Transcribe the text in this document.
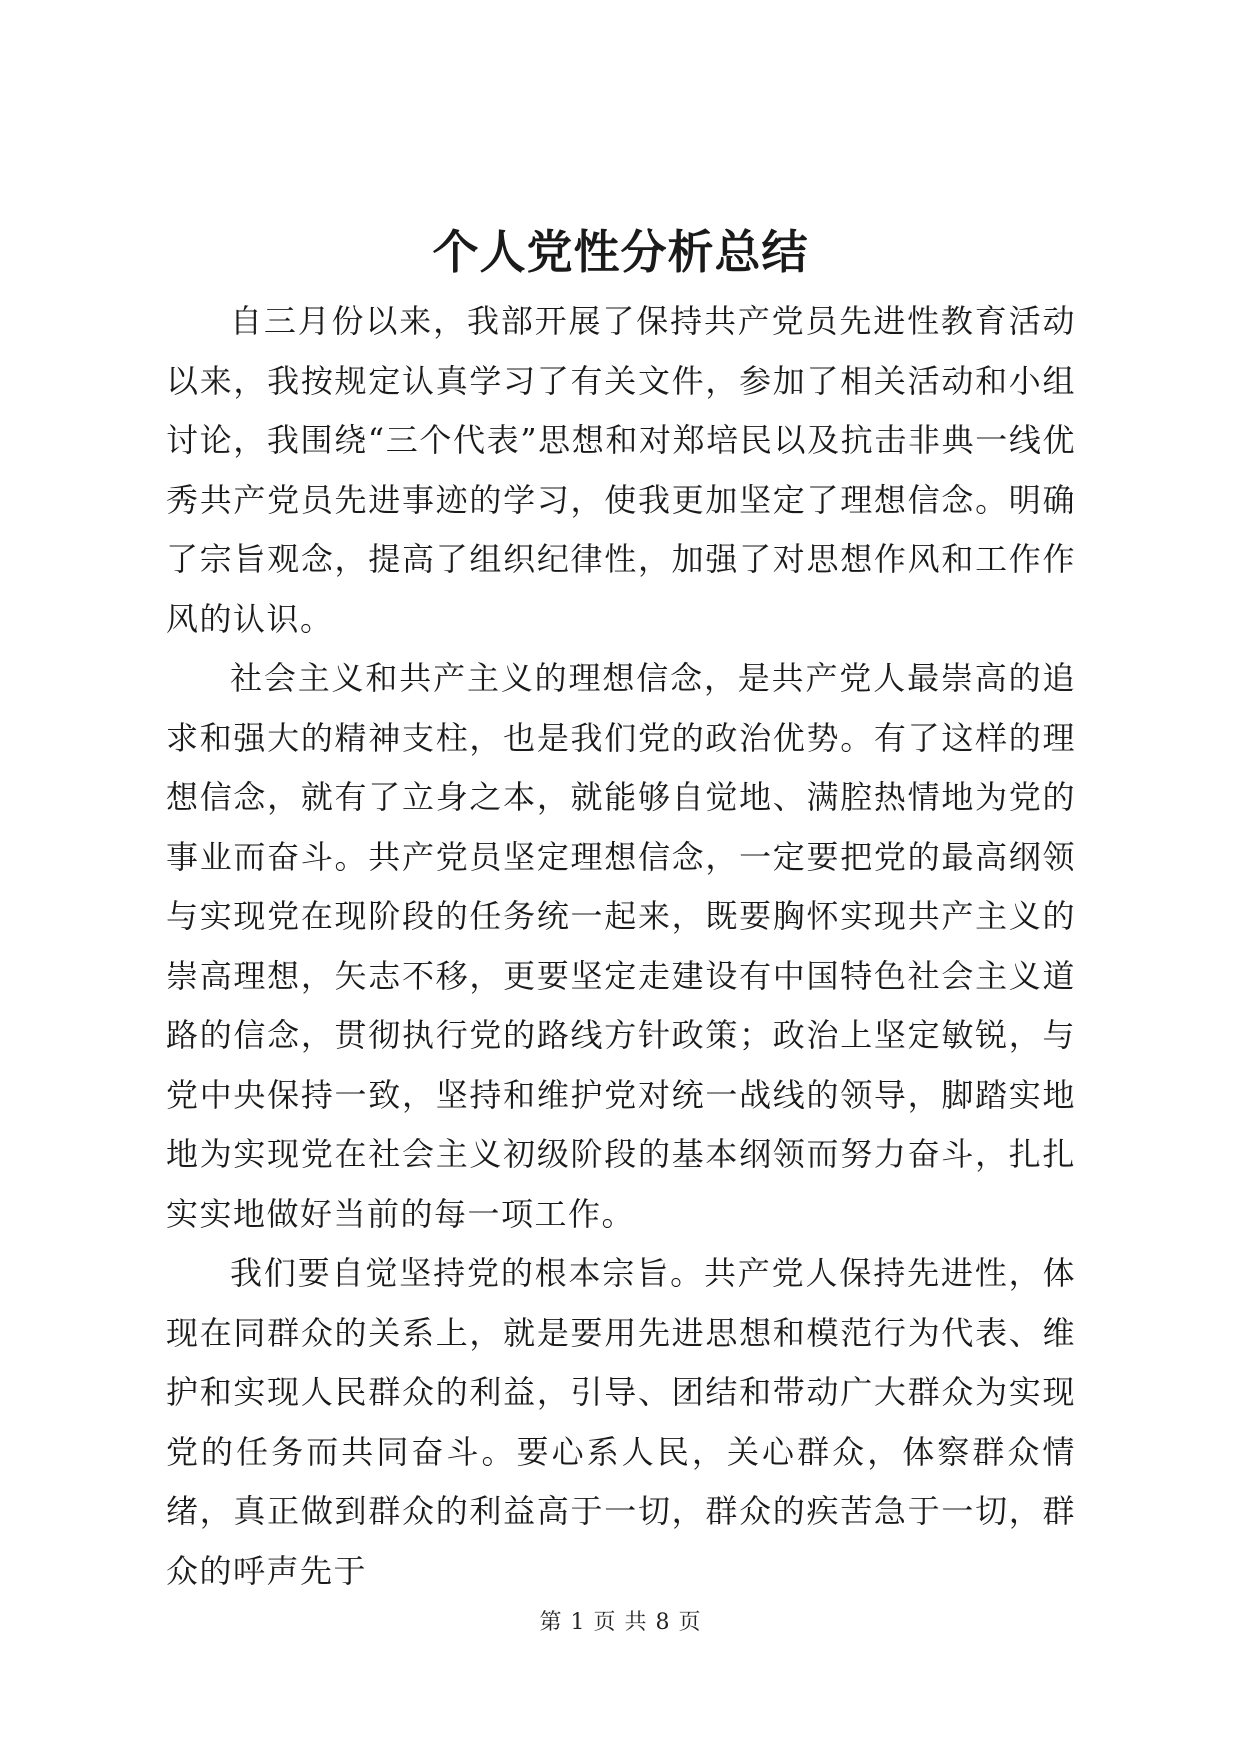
个人党性分析总结

自三月份以来，我部开展了保持共产党员先进性教育活动以来，我按规定认真学习了有关文件，参加了相关活动和小组讨论，我围绕“三个代表”思想和对郑培民以及抗击非典一线优秀共产党员先进事迹的学习，使我更加坚定了理想信念。明确了宗旨观念，提高了组织纪律性，加强了对思想作风和工作作风的认识。

社会主义和共产主义的理想信念，是共产党人最崇高的追求和强大的精神支柱，也是我们党的政治优势。有了这样的理想信念，就有了立身之本，就能够自觉地、满腔热情地为党的事业而奋斗。共产党员坚定理想信念，一定要把党的最高纲领与实现党在现阶段的任务统一起来，既要胸怀实现共产主义的崇高理想，矢志不移，更要坚定走建设有中国特色社会主义道路的信念，贯彻执行党的路线方针政策；政治上坚定敏锐，与党中央保持一致，坚持和维护党对统一战线的领导，脚踏实地地为实现党在社会主义初级阶段的基本纲领而努力奋斗，扎扎实实地做好当前的每一项工作。

我们要自觉坚持党的根本宗旨。共产党人保持先进性，体现在同群众的关系上，就是要用先进思想和模范行为代表、维护和实现人民群众的利益，引导、团结和带动广大群众为实现党的任务而共同奋斗。要心系人民，关心群众，体察群众情绪，真正做到群众的利益高于一切，群众的疾苦急于一切，群众的呼声先于

第 1 页 共 8 页
